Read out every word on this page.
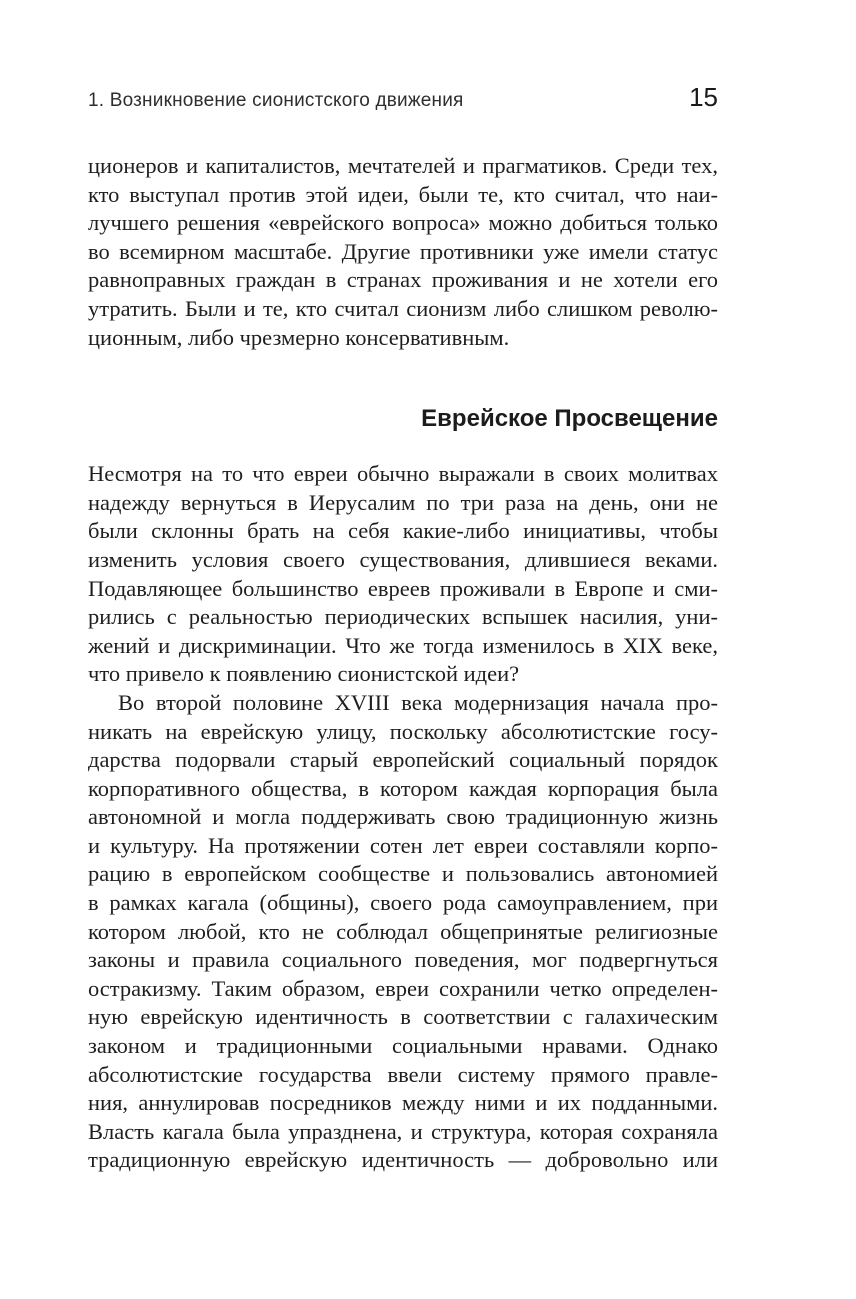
1. Возникновение сионистского движения	15
ционеров и капиталистов, мечтателей и прагматиков. Среди тех,
кто выступал против этой идеи, были те, кто считал, что наи-
лучшего решения «еврейского вопроса» можно добиться только
во всемирном масштабе. Другие противники уже имели статус
равноправных граждан в странах проживания и не хотели его
утратить. Были и те, кто считал сионизм либо слишком револю-
ционным, либо чрезмерно консервативным.
Еврейское Просвещение
Несмотря на то что евреи обычно выражали в своих молитвах
надежду вернуться в Иерусалим по три раза на день, они не
были склонны брать на себя какие-либо инициативы, чтобы
изменить условия своего существования, длившиеся веками.
Подавляющее большинство евреев проживали в Европе и сми-
рились с реальностью периодических вспышек насилия, уни-
жений и дискриминации. Что же тогда изменилось в XIX веке,
что привело к появлению сионистской идеи?
Во второй половине XVIII века модернизация начала про-
никать на еврейскую улицу, поскольку абсолютистские госу-
дарства подорвали старый европейский социальный порядок
корпоративного общества, в котором каждая корпорация была
автономной и могла поддерживать свою традиционную жизнь
и культуру. На протяжении сотен лет евреи составляли корпо-
рацию в европейском сообществе и пользовались автономией
в рамках кагала (общины), своего рода самоуправлением, при
котором любой, кто не соблюдал общепринятые религиозные
законы и правила социального поведения, мог подвергнуться
остракизму. Таким образом, евреи сохранили четко определен-
ную еврейскую идентичность в соответствии с галахическим
законом и традиционными социальными нравами. Однако
абсолютистские государства ввели систему прямого правле-
ния, аннулировав посредников между ними и их подданными.
Власть кагала была упразднена, и структура, которая сохраняла
традиционную еврейскую идентичность — добровольно или
